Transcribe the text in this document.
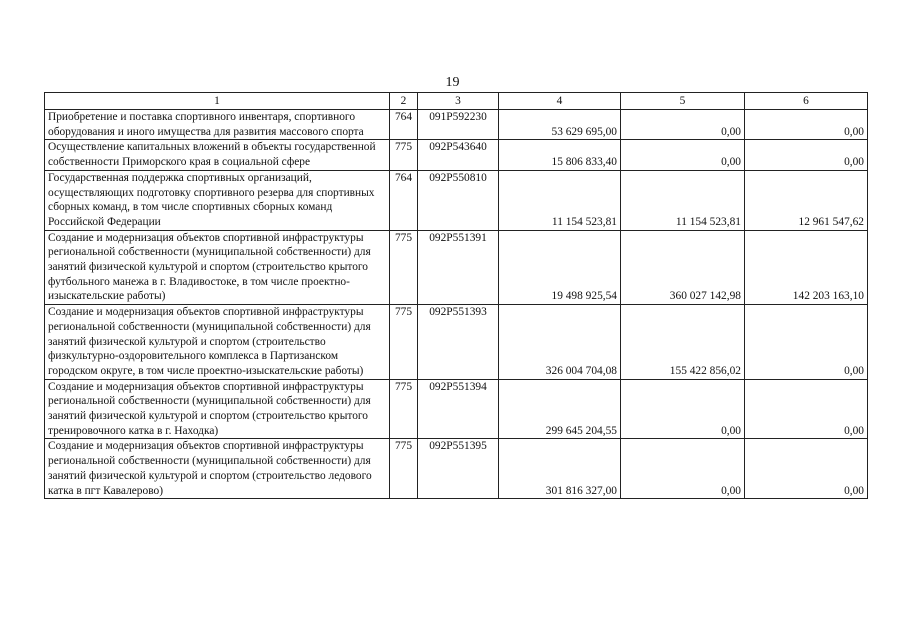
19
1	2	3	4	5	6
Приобретение и поставка спортивного инвентаря, спортивного оборудования и иного имущества для развития массового спорта	764	091Р592230	53 629 695,00	0,00	0,00
Осуществление капитальных вложений в объекты государственной собственности Приморского края в социальной сфере	775	092Р543640	15 806 833,40	0,00	0,00
Государственная поддержка спортивных организаций, осуществляющих подготовку спортивного резерва для спортивных сборных команд, в том числе спортивных сборных команд Российской Федерации	764	092Р550810	11 154 523,81	11 154 523,81	12 961 547,62
Создание и модернизация объектов спортивной инфраструктуры региональной собственности (муниципальной собственности) для занятий физической культурой и спортом (строительство крытого футбольного манежа в г. Владивостоке, в том числе проектно-изыскательские работы)	775	092Р551391	19 498 925,54	360 027 142,98	142 203 163,10
Создание и модернизация объектов спортивной инфраструктуры региональной собственности (муниципальной собственности) для занятий физической культурой и спортом (строительство физкультурно-оздоровительного комплекса в Партизанском городском округе, в том числе проектно-изыскательские работы)	775	092Р551393	326 004 704,08	155 422 856,02	0,00
Создание и модернизация объектов спортивной инфраструктуры региональной собственности (муниципальной собственности) для занятий физической культурой и спортом (строительство крытого тренировочного катка в г. Находка)	775	092Р551394	299 645 204,55	0,00	0,00
Создание и модернизация объектов спортивной инфраструктуры региональной собственности (муниципальной собственности) для занятий физической культурой и спортом (строительство ледового катка в пгт Кавалерово)	775	092Р551395	301 816 327,00	0,00	0,00
